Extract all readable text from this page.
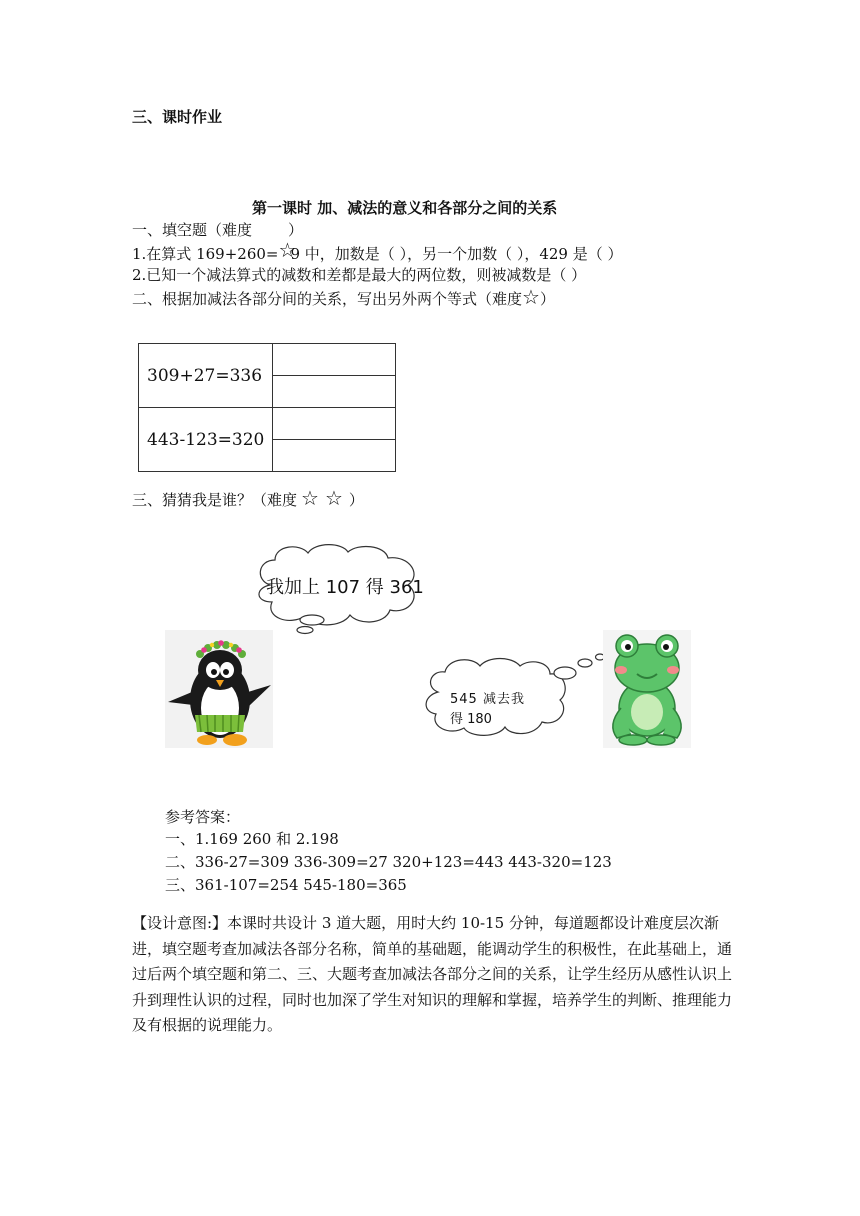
三、课时作业
第一课时 加、减法的意义和各部分之间的关系
一、填空题（难度 ）
1.在算式 169+260=☆9 中，加数是（ ），另一个加数（ ），429 是（ ）
2.已知一个减法算式的减数和差都是最大的两位数，则被减数是（ ）
二、根据加减法各部分间的关系，写出另外两个等式（难度☆）
309+27=336	

443-123=320	

三、猜猜我是谁？（难度 ☆ ☆ ）
我加上 107 得 361
545 减去我
得 180
参考答案：
一、1.169 260 和 2.198
二、336-27=309 336-309=27 320+123=443 443-320=123
三、361-107=254 545-180=365
【设计意图:】本课时共设计 3 道大题，用时大约 10-15 分钟，每道题都设计难度层次渐进，填空题考查加减法各部分名称，简单的基础题，能调动学生的积极性，在此基础上，通过后两个填空题和第二、三、大题考查加减法各部分之间的关系，让学生经历从感性认识上升到理性认识的过程，同时也加深了学生对知识的理解和掌握，培养学生的判断、推理能力及有根据的说理能力。
